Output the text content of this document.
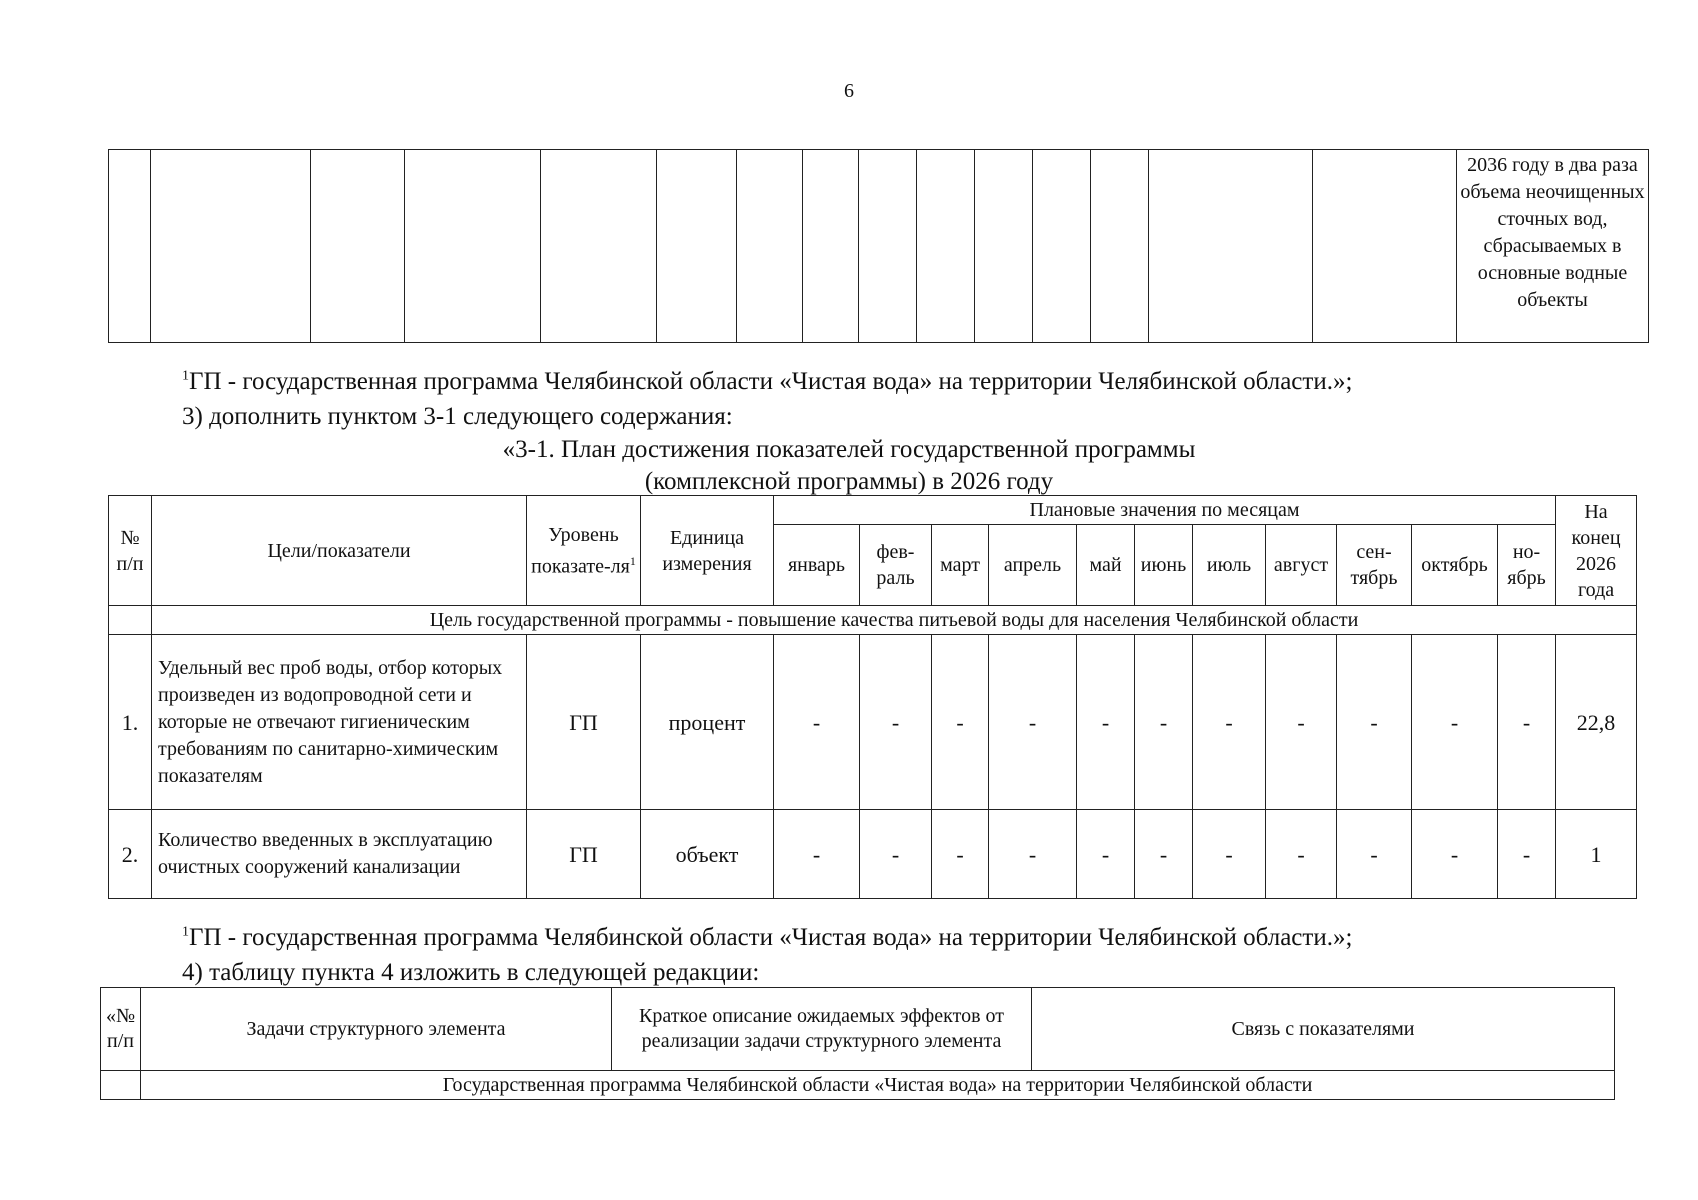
6
															2036 году в два раза объема неочищенных сточных вод, сбрасываемых в основные водные объекты
$^1$ГП - государственная программа Челябинской области «Чистая вода» на территории Челябинской области.»;
3) дополнить пунктом 3-1 следующего содержания:
«3-1. План достижения показателей государственной программы
(комплексной программы) в 2026 году
№ п/п	Цели/показатели	Уровень показате-$ля^1$	Единица измерения	Плановые значения по месяцам											На конец 2026 года
				январь	фев-раль	март	апрель	май	июнь	июль	август	сен-тябрь	октябрь	но-ябрь	
	Цель государственной программы - повышение качества питьевой воды для населения Челябинской области														
1.	Удельный вес проб воды, отбор которых произведен из водопроводной сети и которые не отвечают гигиеническим требованиям по санитарно-химическим показателям	ГП	процент	-	-	-	-	-	-	-	-	-	-	-	22,8
2.	Количество введенных в эксплуатацию очистных сооружений канализации	ГП	объект	-	-	-	-	-	-	-	-	-	-	-	1
$^1$ГП - государственная программа Челябинской области «Чистая вода» на территории Челябинской области.»;
4) таблицу пункта 4 изложить в следующей редакции:
«№ п/п	Задачи структурного элемента	Краткое описание ожидаемых эффектов от реализации задачи структурного элемента	Связь с показателями
	Государственная программа Челябинской области «Чистая вода» на территории Челябинской области		
